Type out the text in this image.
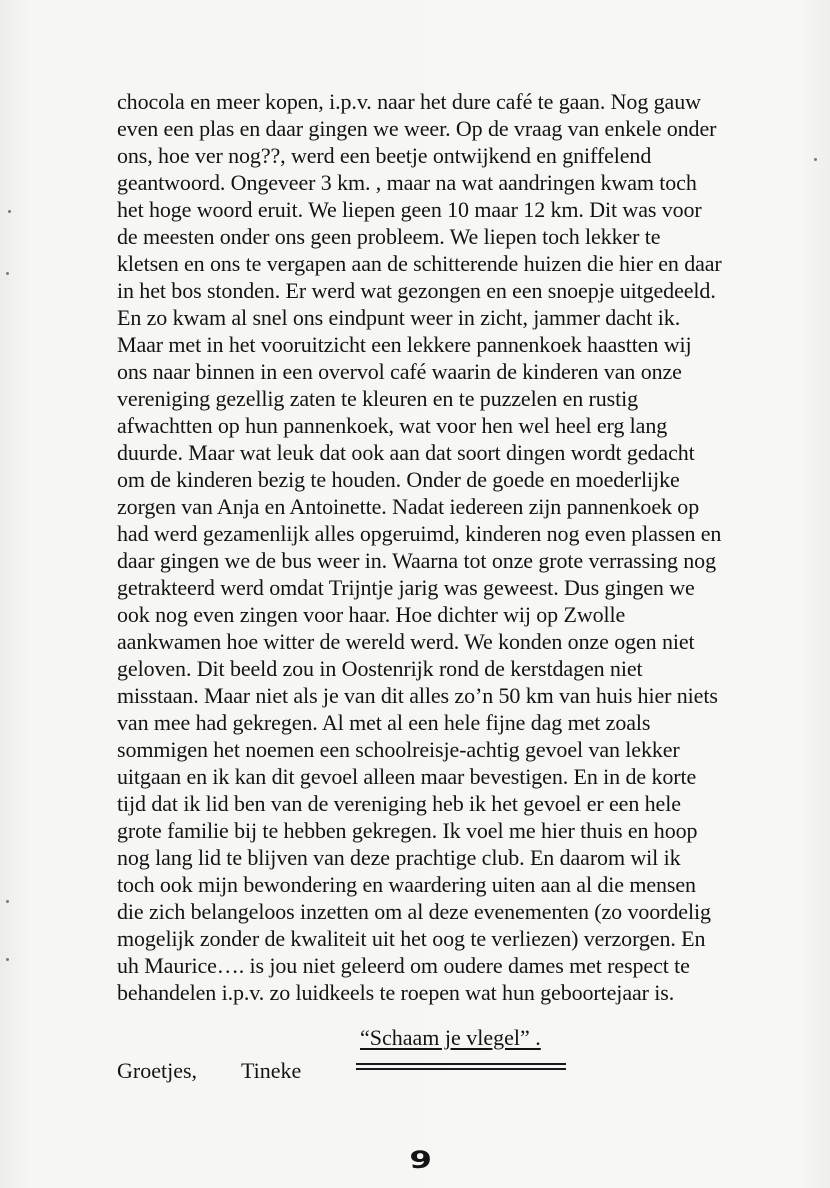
chocola en meer kopen, i.p.v. naar het dure café te gaan. Nog gauw
even een plas en daar gingen we weer. Op de vraag van enkele onder
ons, hoe ver nog??, werd een beetje ontwijkend en gniffelend
geantwoord. Ongeveer 3 km. , maar na wat aandringen kwam toch
het hoge woord eruit. We liepen geen 10 maar 12 km. Dit was voor
de meesten onder ons geen probleem. We liepen toch lekker te
kletsen en ons te vergapen aan de schitterende huizen die hier en daar
in het bos stonden. Er werd wat gezongen en een snoepje uitgedeeld.
En zo kwam al snel ons eindpunt weer in zicht, jammer dacht ik.
Maar met in het vooruitzicht een lekkere pannenkoek haastten wij
ons naar binnen in een overvol café waarin de kinderen van onze
vereniging gezellig zaten te kleuren en te puzzelen en rustig
afwachtten op hun pannenkoek, wat voor hen wel heel erg lang
duurde. Maar wat leuk dat ook aan dat soort dingen wordt gedacht
om de kinderen bezig te houden. Onder de goede en moederlijke
zorgen van Anja en Antoinette. Nadat iedereen zijn pannenkoek op
had werd gezamenlijk alles opgeruimd, kinderen nog even plassen en
daar gingen we de bus weer in. Waarna tot onze grote verrassing nog
getrakteerd werd omdat Trijntje jarig was geweest. Dus gingen we
ook nog even zingen voor haar. Hoe dichter wij op Zwolle
aankwamen hoe witter de wereld werd. We konden onze ogen niet
geloven. Dit beeld zou in Oostenrijk rond de kerstdagen niet
misstaan. Maar niet als je van dit alles zo’n 50 km van huis hier niets
van mee had gekregen. Al met al een hele fijne dag met zoals
sommigen het noemen een schoolreisje-achtig gevoel van lekker
uitgaan en ik kan dit gevoel alleen maar bevestigen. En in de korte
tijd dat ik lid ben van de vereniging heb ik het gevoel er een hele
grote familie bij te hebben gekregen. Ik voel me hier thuis en hoop
nog lang lid te blijven van deze prachtige club. En daarom wil ik
toch ook mijn bewondering en waardering uiten aan al die mensen
die zich belangeloos inzetten om al deze evenementen (zo voordelig
mogelijk zonder de kwaliteit uit het oog te verliezen) verzorgen. En
uh Maurice…. is jou niet geleerd om oudere dames met respect te
behandelen i.p.v. zo luidkeels te roepen wat hun geboortejaar is.
“Schaam je vlegel” .
Groetjes, Tineke
9
